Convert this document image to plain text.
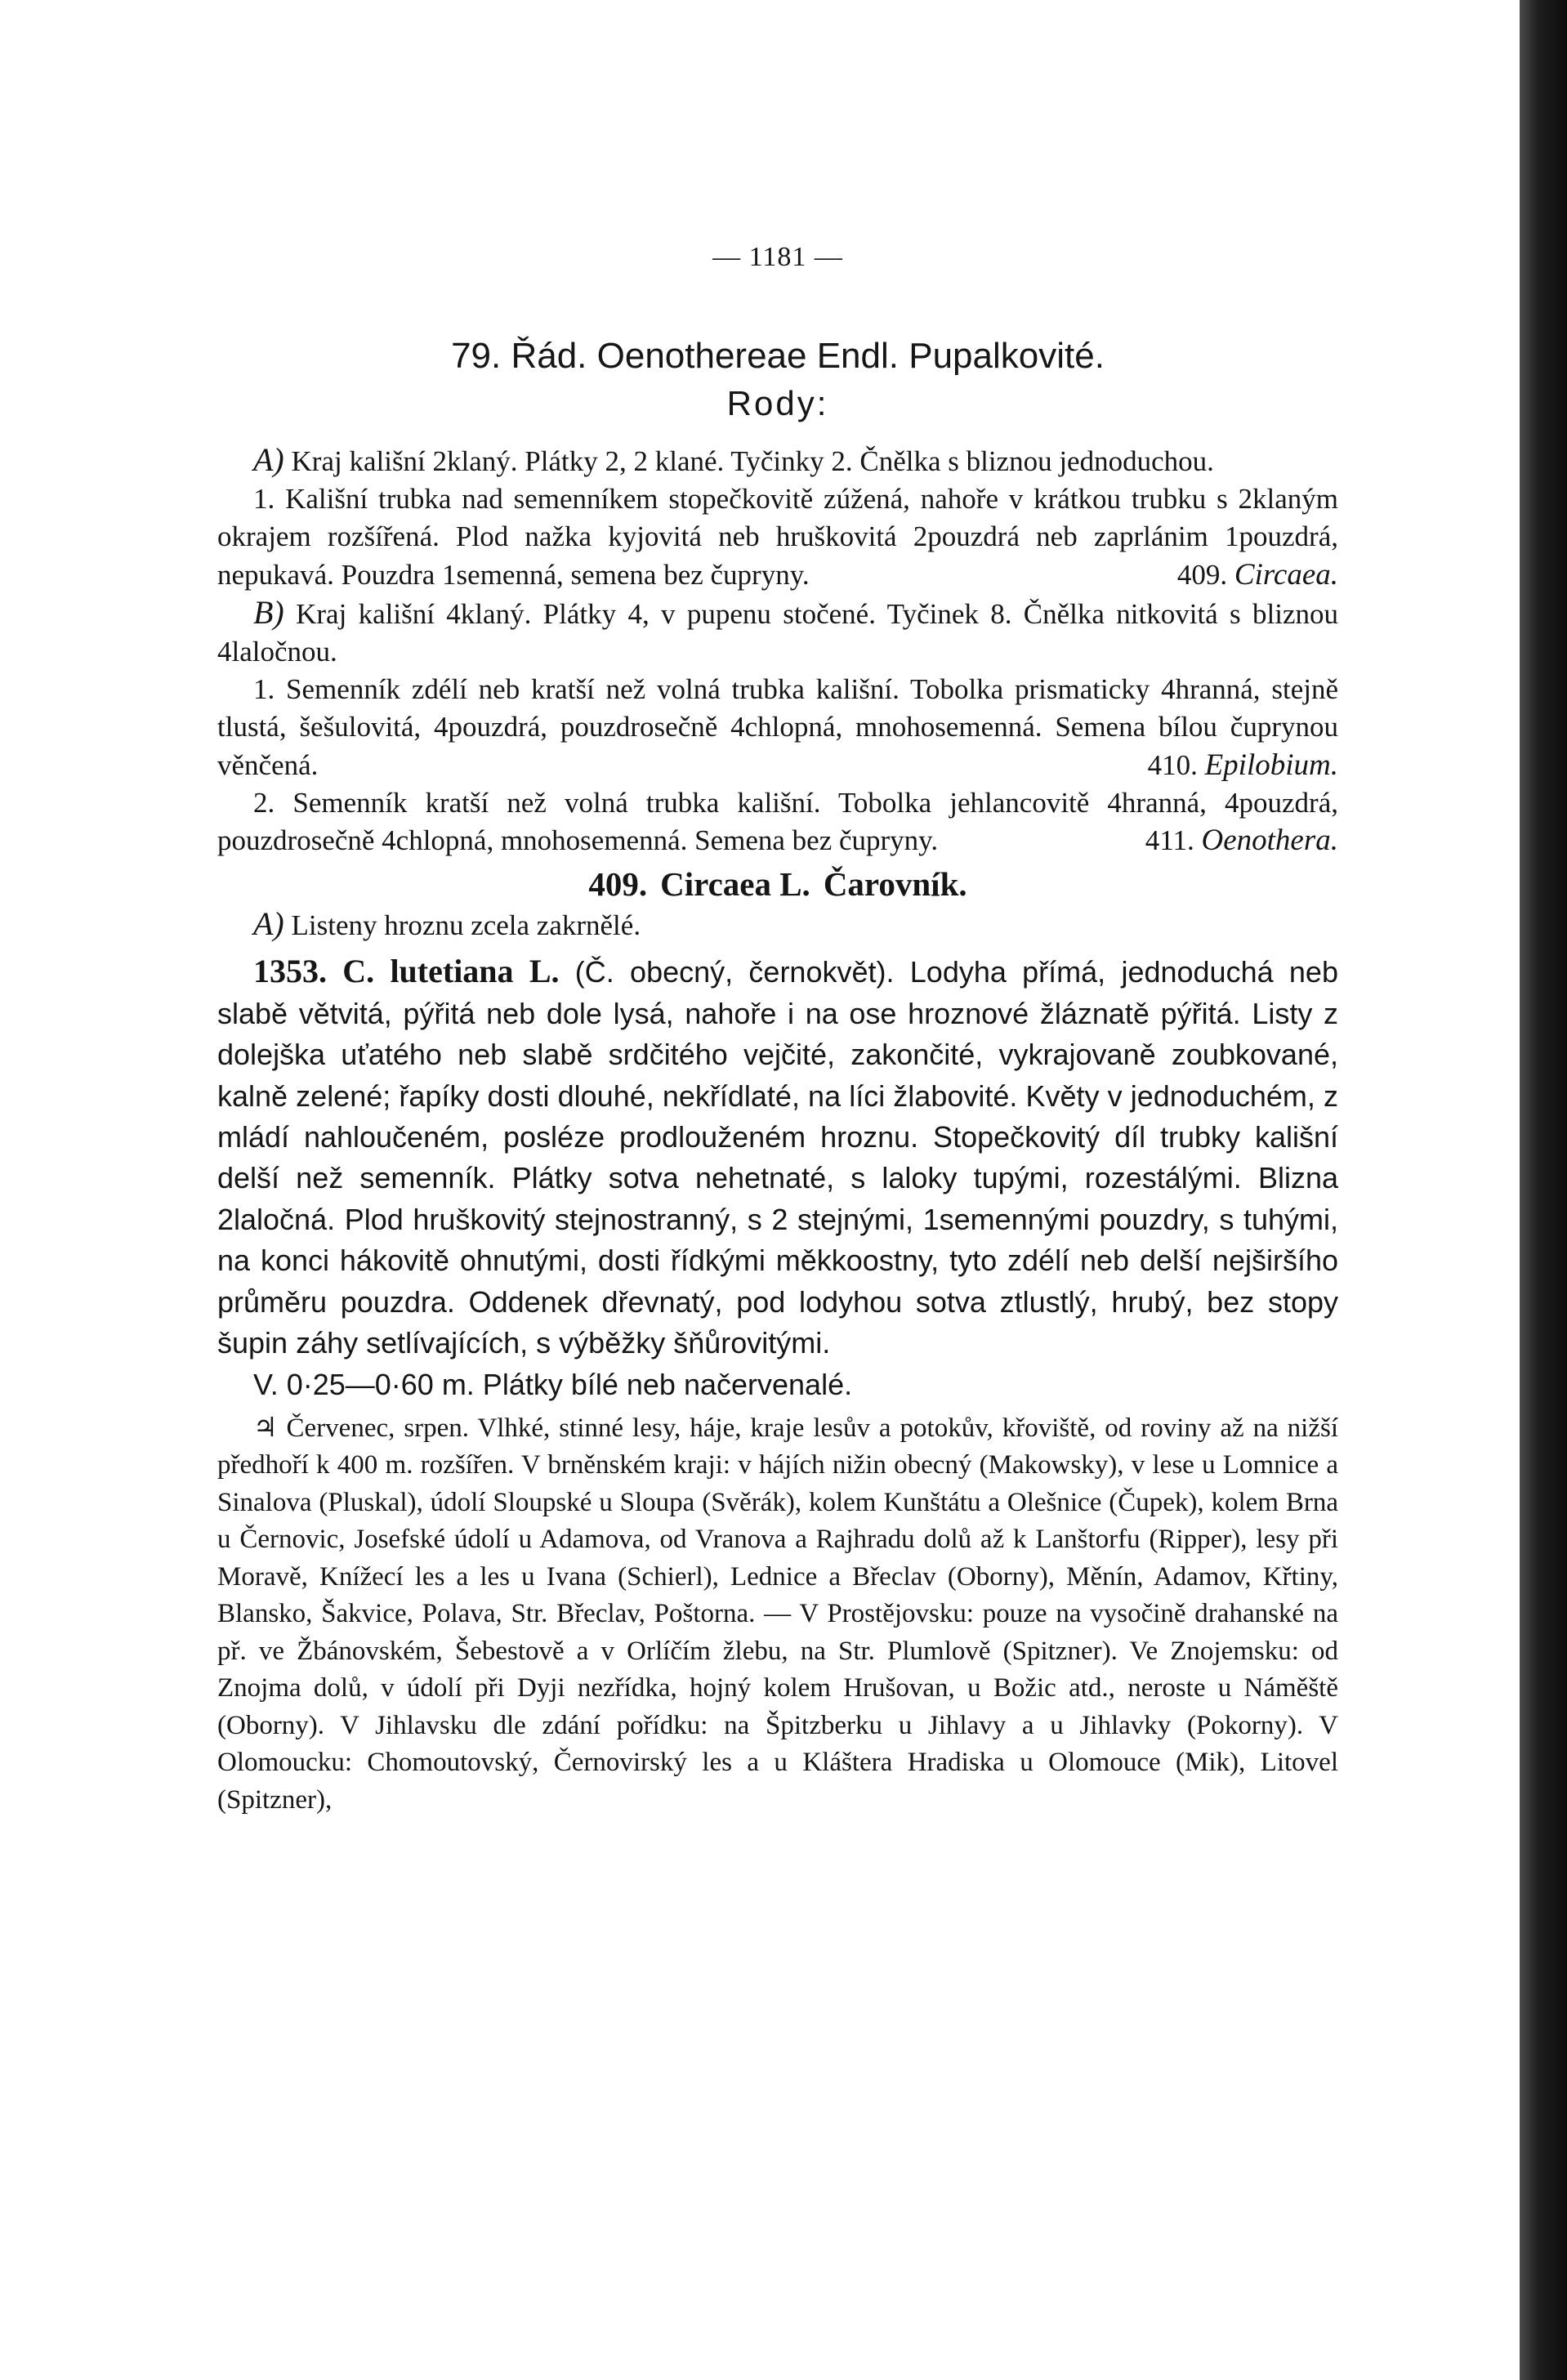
— 1181 —
79. Řád. Oenothereae Endl. Pupalkovité.
Rody:

A) Kraj kališní 2klaný. Plátky 2, 2 klané. Tyčinky 2. Čnělka s bliznou jednoduchou.

1. Kališní trubka nad semenníkem stopečkovitě zúžená, nahoře v krátkou trubku s 2klaným okrajem rozšířená. Plod nažka kyjovitá neb hruškovitá 2pouzdrá neb zaprlánim 1pouzdrá, nepukavá. Pouzdra 1semenná, semena bez čupryny.	409. Circaea.

B) Kraj kališní 4klaný. Plátky 4, v pupenu stočené. Tyčinek 8. Čnělka nitkovitá s bliznou 4laločnou.

1. Semenník zdélí neb kratší než volná trubka kališní. Tobolka prismaticky 4hranná, stejně tlustá, šešulovitá, 4pouzdrá, pouzdrosečně 4chlopná, mnohosemenná. Semena bílou čuprynou věnčená.	410. Epilobium.

2. Semenník kratší než volná trubka kališní. Tobolka jehlancovitě 4hranná, 4pouzdrá, pouzdrosečně 4chlopná, mnohosemenná. Semena bez čupryny.	411. Oenothera.

409. Circaea L. Čarovník.

A) Listeny hroznu zcela zakrnělé.

1353. C. lutetiana L. (Č. obecný, černokvět). Lodyha přímá, jednoduchá neb slabě větvitá, pýřitá neb dole lysá, nahoře i na ose hroznové žláznatě pýřitá. Listy z dolejška uťatého neb slabě srdčitého vejčité, zakončité, vykrajovaně zoubkované, kalně zelené; řapíky dosti dlouhé, nekřídlaté, na líci žlabovité. Květy v jednoduchém, z mládí nahloučeném, posléze prodlouženém hroznu. Stopečkovitý díl trubky kališní delší než semenník. Plátky sotva nehetnaté, s laloky tupými, rozestálými. Blizna 2laločná. Plod hruškovitý stejnostranný, s 2 stejnými, 1semennými pouzdry, s tuhými, na konci hákovitě ohnutými, dosti řídkými měkkoostny, tyto zdélí neb delší nejširšího průměru pouzdra. Oddenek dřevnatý, pod lodyhou sotva ztlustlý, hrubý, bez stopy šupin záhy setlívajících, s výběžky šňůrovitými.

V. 0·25—0·60 m. Plátky bílé neb načervenalé.

♃ Červenec, srpen. Vlhké, stinné lesy, háje, kraje lesův a potokův, křoviště, od roviny až na nižší předhoří k 400 m. rozšířen. V brněnském kraji: v hájích nižin obecný (Makowsky), v lese u Lomnice a Sinalova (Pluskal), údolí Sloupské u Sloupa (Svěrák), kolem Kunštátu a Olešnice (Čupek), kolem Brna u Černovic, Josefské údolí u Adamova, od Vranova a Rajhradu dolů až k Lanštorfu (Ripper), lesy při Moravě, Knížecí les a les u Ivana (Schierl), Lednice a Břeclav (Oborny), Měnín, Adamov, Křtiny, Blansko, Šakvice, Polava, Str. Břeclav, Poštorna. — V Prostějovsku: pouze na vysočině drahanské na př. ve Žbánovském, Šebestově a v Orlíčím žlebu, na Str. Plumlově (Spitzner). Ve Znojemsku: od Znojma dolů, v údolí při Dyji nezřídka, hojný kolem Hrušovan, u Božic atd., neroste u Náměště (Oborny). V Jihlavsku dle zdání pořídku: na Špitzberku u Jihlavy a u Jihlavky (Pokorny). V Olomoucku: Chomoutovský, Černovirský les a u Kláštera Hradiska u Olomouce (Mik), Litovel (Spitzner),
